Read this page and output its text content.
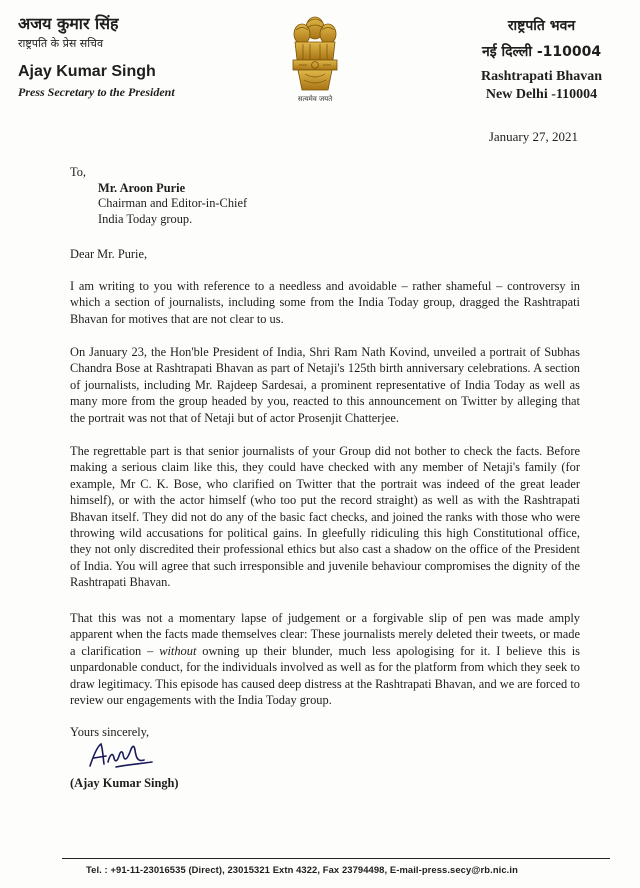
अजय कुमार सिंह
राष्ट्रपति के प्रेस सचिव
Ajay Kumar Singh
Press Secretary to the President	सत्यमेव जयते
राष्ट्रपति भवन
नई दिल्ली -110004
Rashtrapati Bhavan
New Delhi -110004
January 27, 2021
To,
Mr. Aroon Purie
Chairman and Editor-in-Chief
India Today group.
Dear Mr. Purie,

I am writing to you with reference to a needless and avoidable – rather shameful – controversy in which a section of journalists, including some from the India Today group, dragged the Rashtrapati Bhavan for motives that are not clear to us.

On January 23, the Hon'ble President of India, Shri Ram Nath Kovind, unveiled a portrait of Subhas Chandra Bose at Rashtrapati Bhavan as part of Netaji's 125th birth anniversary celebrations. A section of journalists, including Mr. Rajdeep Sardesai, a prominent representative of India Today as well as many more from the group headed by you, reacted to this announcement on Twitter by alleging that the portrait was not that of Netaji but of actor Prosenjit Chatterjee.

The regrettable part is that senior journalists of your Group did not bother to check the facts. Before making a serious claim like this, they could have checked with any member of Netaji's family (for example, Mr C. K. Bose, who clarified on Twitter that the portrait was indeed of the great leader himself), or with the actor himself (who too put the record straight) as well as with the Rashtrapati Bhavan itself. They did not do any of the basic fact checks, and joined the ranks with those who were throwing wild accusations for political gains. In gleefully ridiculing this high Constitutional office, they not only discredited their professional ethics but also cast a shadow on the office of the President of India. You will agree that such irresponsible and juvenile behaviour compromises the dignity of the Rashtrapati Bhavan.

That this was not a momentary lapse of judgement or a forgivable slip of pen was made amply apparent when the facts made themselves clear: These journalists merely deleted their tweets, or made a clarification – without owning up their blunder, much less apologising for it. I believe this is unpardonable conduct, for the individuals involved as well as for the platform from which they seek to draw legitimacy. This episode has caused deep distress at the Rashtrapati Bhavan, and we are forced to review our engagements with the India Today group.

Yours sincerely,
(Ajay Kumar Singh)
Tel. : +91-11-23016535 (Direct), 23015321 Extn 4322, Fax 23794498, E-mail-press.secy@rb.nic.in
